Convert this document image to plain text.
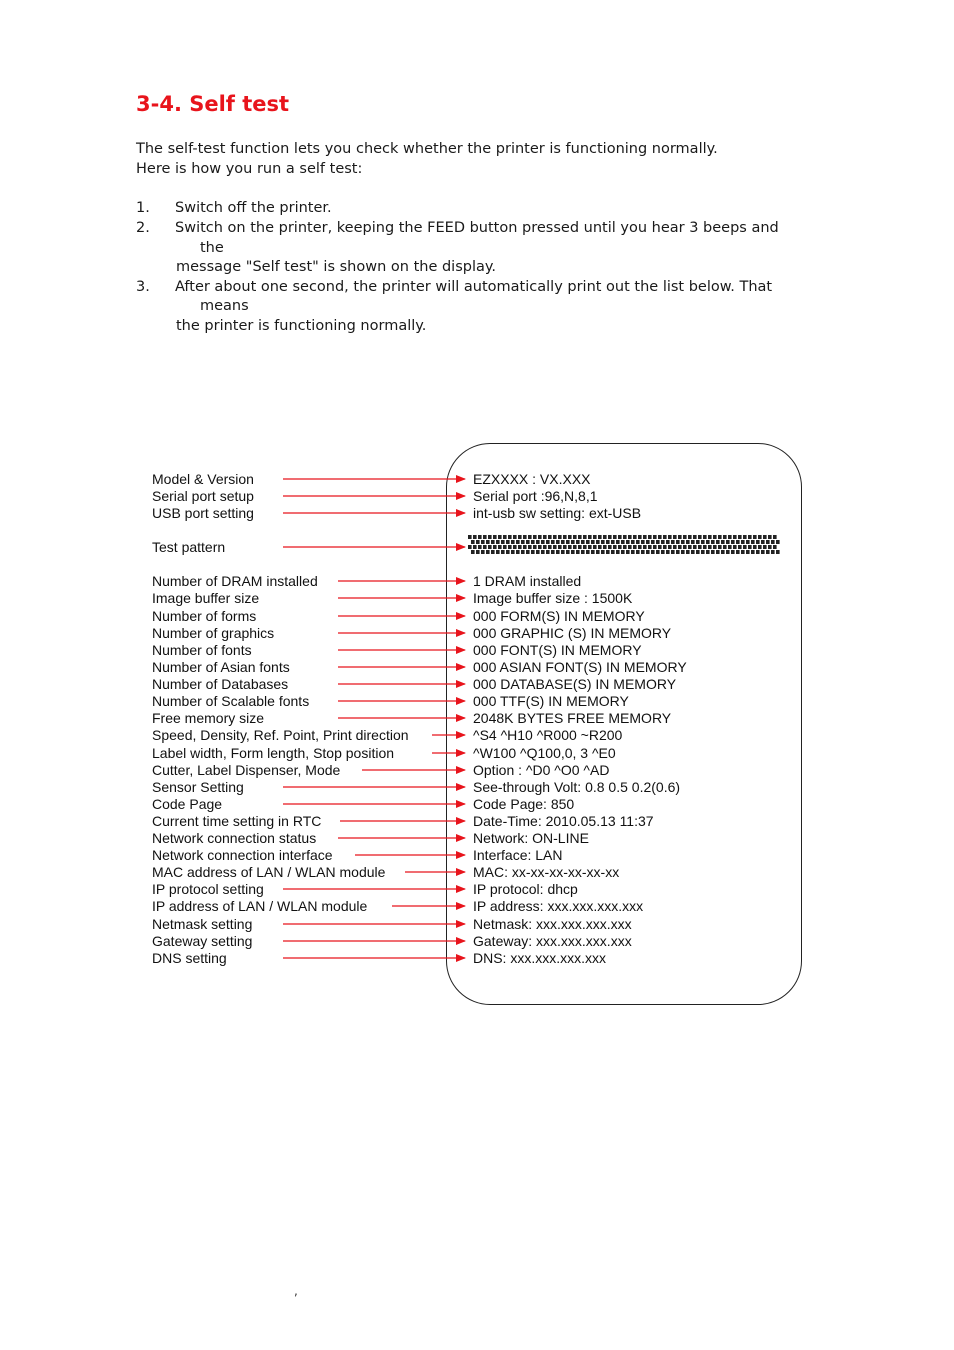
3-4. Self test
The self-test function lets you check whether the printer is functioning normally.
Here is how you run a self test:
1. Switch off the printer.
2. Switch on the printer, keeping the FEED button pressed until you hear 3 beeps and
the
message "Self test" is shown on the display.
3. After about one second, the printer will automatically print out the list below. That
means
the printer is functioning normally.
Model & Version	EZXXXX : VX.XXX
Serial port setup	Serial port :96,N,8,1
USB port setting	int-usb sw setting: ext-USB
Test pattern
Number of DRAM installed	1 DRAM installed
Image buffer size	Image buffer size : 1500K
Number of forms	000 FORM(S) IN MEMORY
Number of graphics	000 GRAPHIC (S) IN MEMORY
Number of fonts	000 FONT(S) IN MEMORY
Number of Asian fonts	000 ASIAN FONT(S) IN MEMORY
Number of Databases	000 DATABASE(S) IN MEMORY
Number of Scalable fonts	000 TTF(S) IN MEMORY
Free memory size	2048K BYTES FREE MEMORY
Speed, Density, Ref. Point, Print direction	^S4 ^H10 ^R000 ~R200
Label width, Form length, Stop position	^W100 ^Q100,0, 3 ^E0
Cutter, Label Dispenser, Mode	Option : ^D0 ^O0 ^AD
Sensor Setting	See-through Volt: 0.8 0.5 0.2(0.6)
Code Page	Code Page: 850
Current time setting in RTC	Date-Time: 2010.05.13 11:37
Network connection status	Network: ON-LINE
Network connection interface	Interface: LAN
MAC address of LAN / WLAN module	MAC: xx-xx-xx-xx-xx-xx
IP protocol setting	IP protocol: dhcp
IP address of LAN / WLAN module	IP address: xxx.xxx.xxx.xxx
Netmask setting	Netmask: xxx.xxx.xxx.xxx
Gateway setting	Gateway: xxx.xxx.xxx.xxx
DNS setting	DNS: xxx.xxx.xxx.xxx
,
